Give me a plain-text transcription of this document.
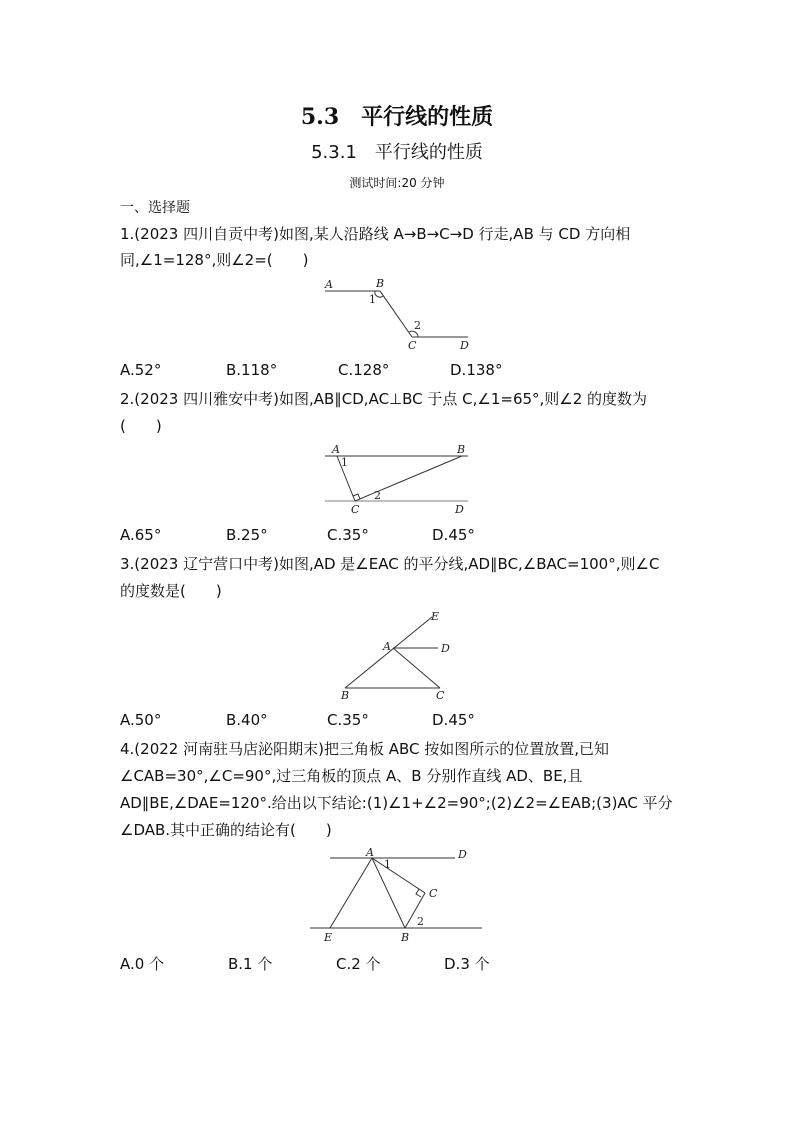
5.3　平行线的性质
5.3.1　平行线的性质
测试时间:20 分钟
一、选择题
1.(2023 四川自贡中考)如图,某人沿路线 A→B→C→D 行走,AB 与 CD 方向相
同,∠1=128°,则∠2=(　　)
A.52°	B.118°	C.128°	D.138°
2.(2023 四川雅安中考)如图,AB∥CD,AC⊥BC 于点 C,∠1=65°,则∠2 的度数为
(　　)
A.65°	B.25°	C.35°	D.45°
3.(2023 辽宁营口中考)如图,AD 是∠EAC 的平分线,AD∥BC,∠BAC=100°,则∠C
的度数是(　　)
A.50°	B.40°	C.35°	D.45°
4.(2022 河南驻马店泌阳期末)把三角板 ABC 按如图所示的位置放置,已知
∠CAB=30°,∠C=90°,过三角板的顶点 A、B 分别作直线 AD、BE,且
AD∥BE,∠DAE=120°.给出以下结论:(1)∠1+∠2=90°;(2)∠2=∠EAB;(3)AC 平分
∠DAB.其中正确的结论有(　　)
A.0 个	B.1 个	C.2 个	D.3 个
A	B
1
2
C	D
A	B
1
2
C	D
E
A	D
B	C
A
1
D
C
2
E	B
